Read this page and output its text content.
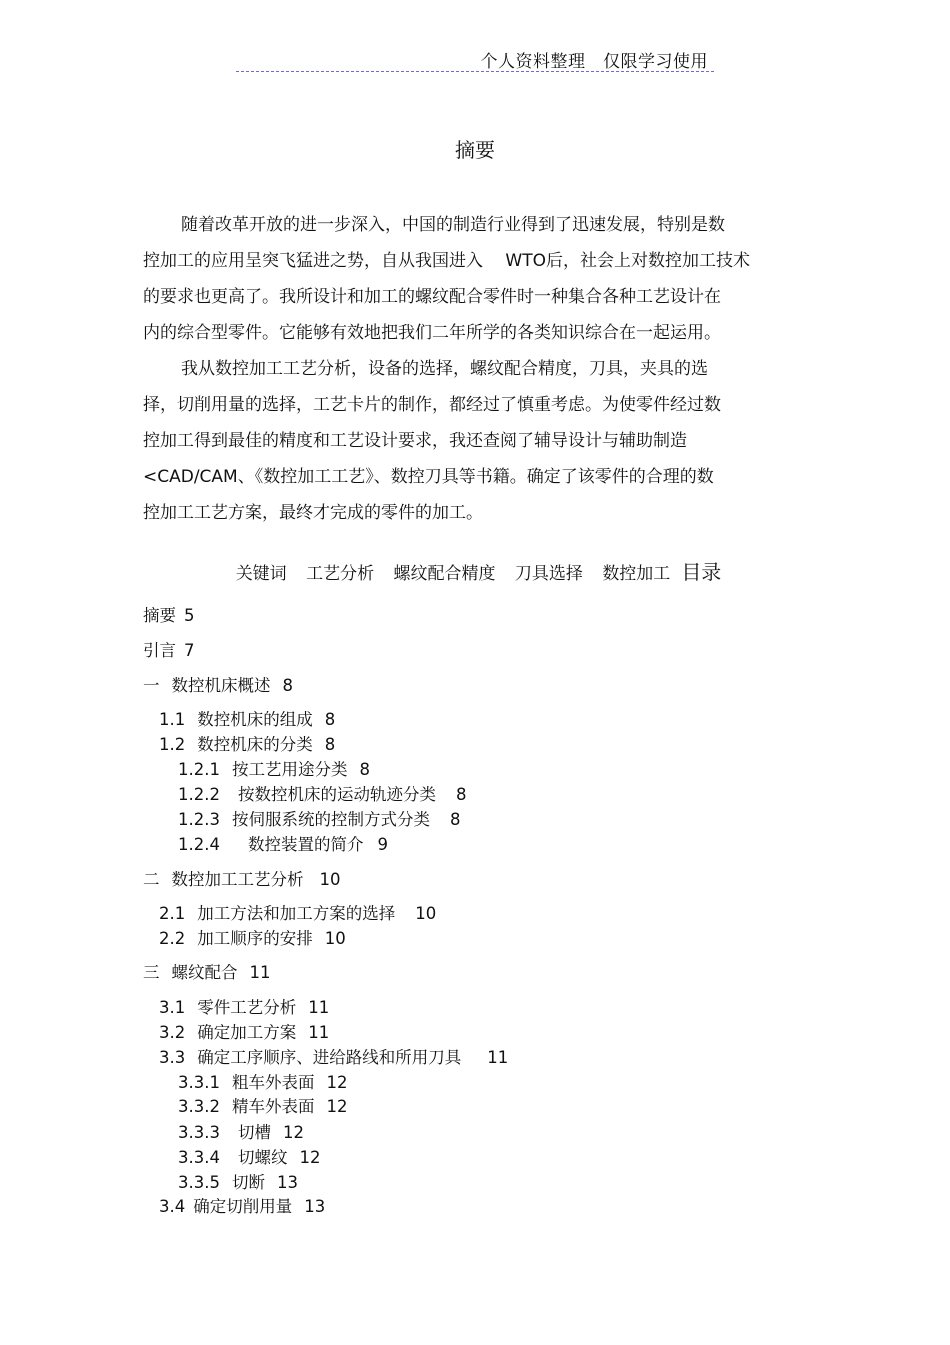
个人资料整理　仅限学习使用
摘要
随着改革开放的进一步深入，中国的制造行业得到了迅速发展，特别是数
控加工的应用呈突飞猛进之势，自从我国进入　 WTO后，社会上对数控加工技术
的要求也更高了。我所设计和加工的螺纹配合零件时一种集合各种工艺设计在
内的综合型零件。它能够有效地把我们二年所学的各类知识综合在一起运用。
我从数控加工工艺分析，设备的选择，螺纹配合精度，刀具，夹具的选
择，切削用量的选择，工艺卡片的制作，都经过了慎重考虑。为使零件经过数
控加工得到最佳的精度和工艺设计要求，我还查阅了辅导设计与辅助制造
<CAD/CAM、《数控加工工艺》、数控刀具等书籍。确定了该零件的合理的数
控加工工艺方案，最终才完成的零件的加工。
关键词 工艺分析 螺纹配合精度 刀具选择 数控加工 目录
摘要 5
引言 7
一 数控机床概述 8
1.1 数控机床的组成 8
1.2 数控机床的分类 8
1.2.1 按工艺用途分类 8
1.2.2 按数控机床的运动轨迹分类 8
1.2.3 按伺服系统的控制方式分类 8
1.2.4 数控装置的简介 9
二 数控加工工艺分析 10
2.1 加工方法和加工方案的选择 10
2.2 加工顺序的安排 10
三 螺纹配合 11
3.1 零件工艺分析 11
3.2 确定加工方案 11
3.3 确定工序顺序、进给路线和所用刀具 11
3.3.1 粗车外表面 12
3.3.2 精车外表面 12
3.3.3 切槽 12
3.3.4 切螺纹 12
3.3.5 切断 13
3.4 确定切削用量 13
